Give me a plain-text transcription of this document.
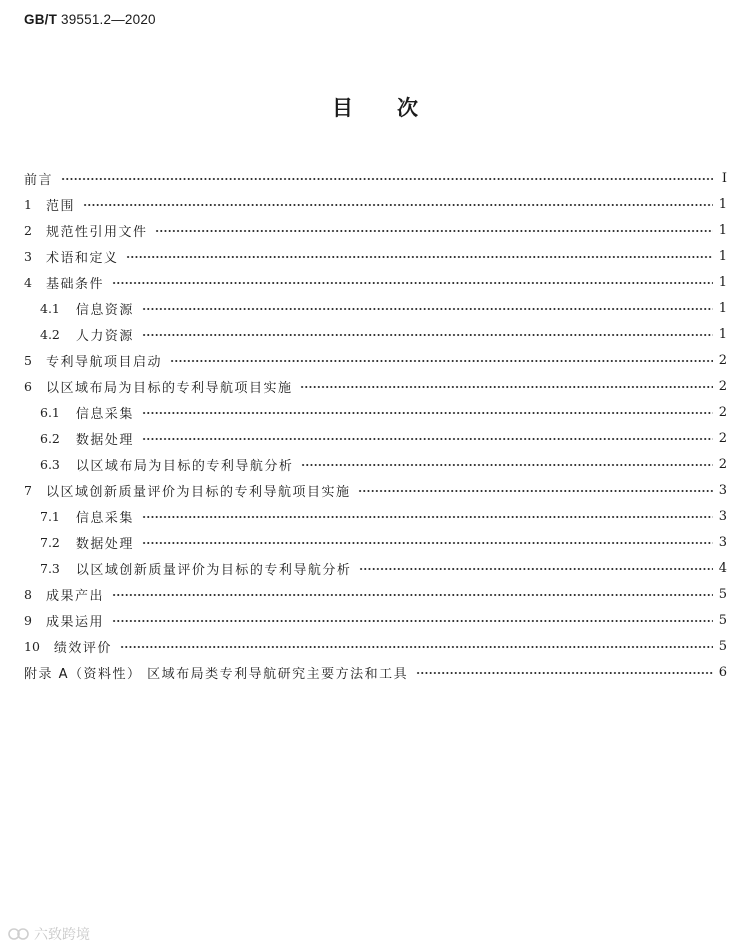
GB/T 39551.2—2020
目 次
前言	Ⅰ
1 范围	1
2 规范性引用文件	1
3 术语和定义	1
4 基础条件	1
4.1 信息资源	1
4.2 人力资源	1
5 专利导航项目启动	2
6 以区域布局为目标的专利导航项目实施	2
6.1 信息采集	2
6.2 数据处理	2
6.3 以区域布局为目标的专利导航分析	2
7 以区域创新质量评价为目标的专利导航项目实施	3
7.1 信息采集	3
7.2 数据处理	3
7.3 以区域创新质量评价为目标的专利导航分析	4
8 成果产出	5
9 成果运用	5
10 绩效评价	5
附录 A（资料性） 区域布局类专利导航研究主要方法和工具	6
六致跨境
